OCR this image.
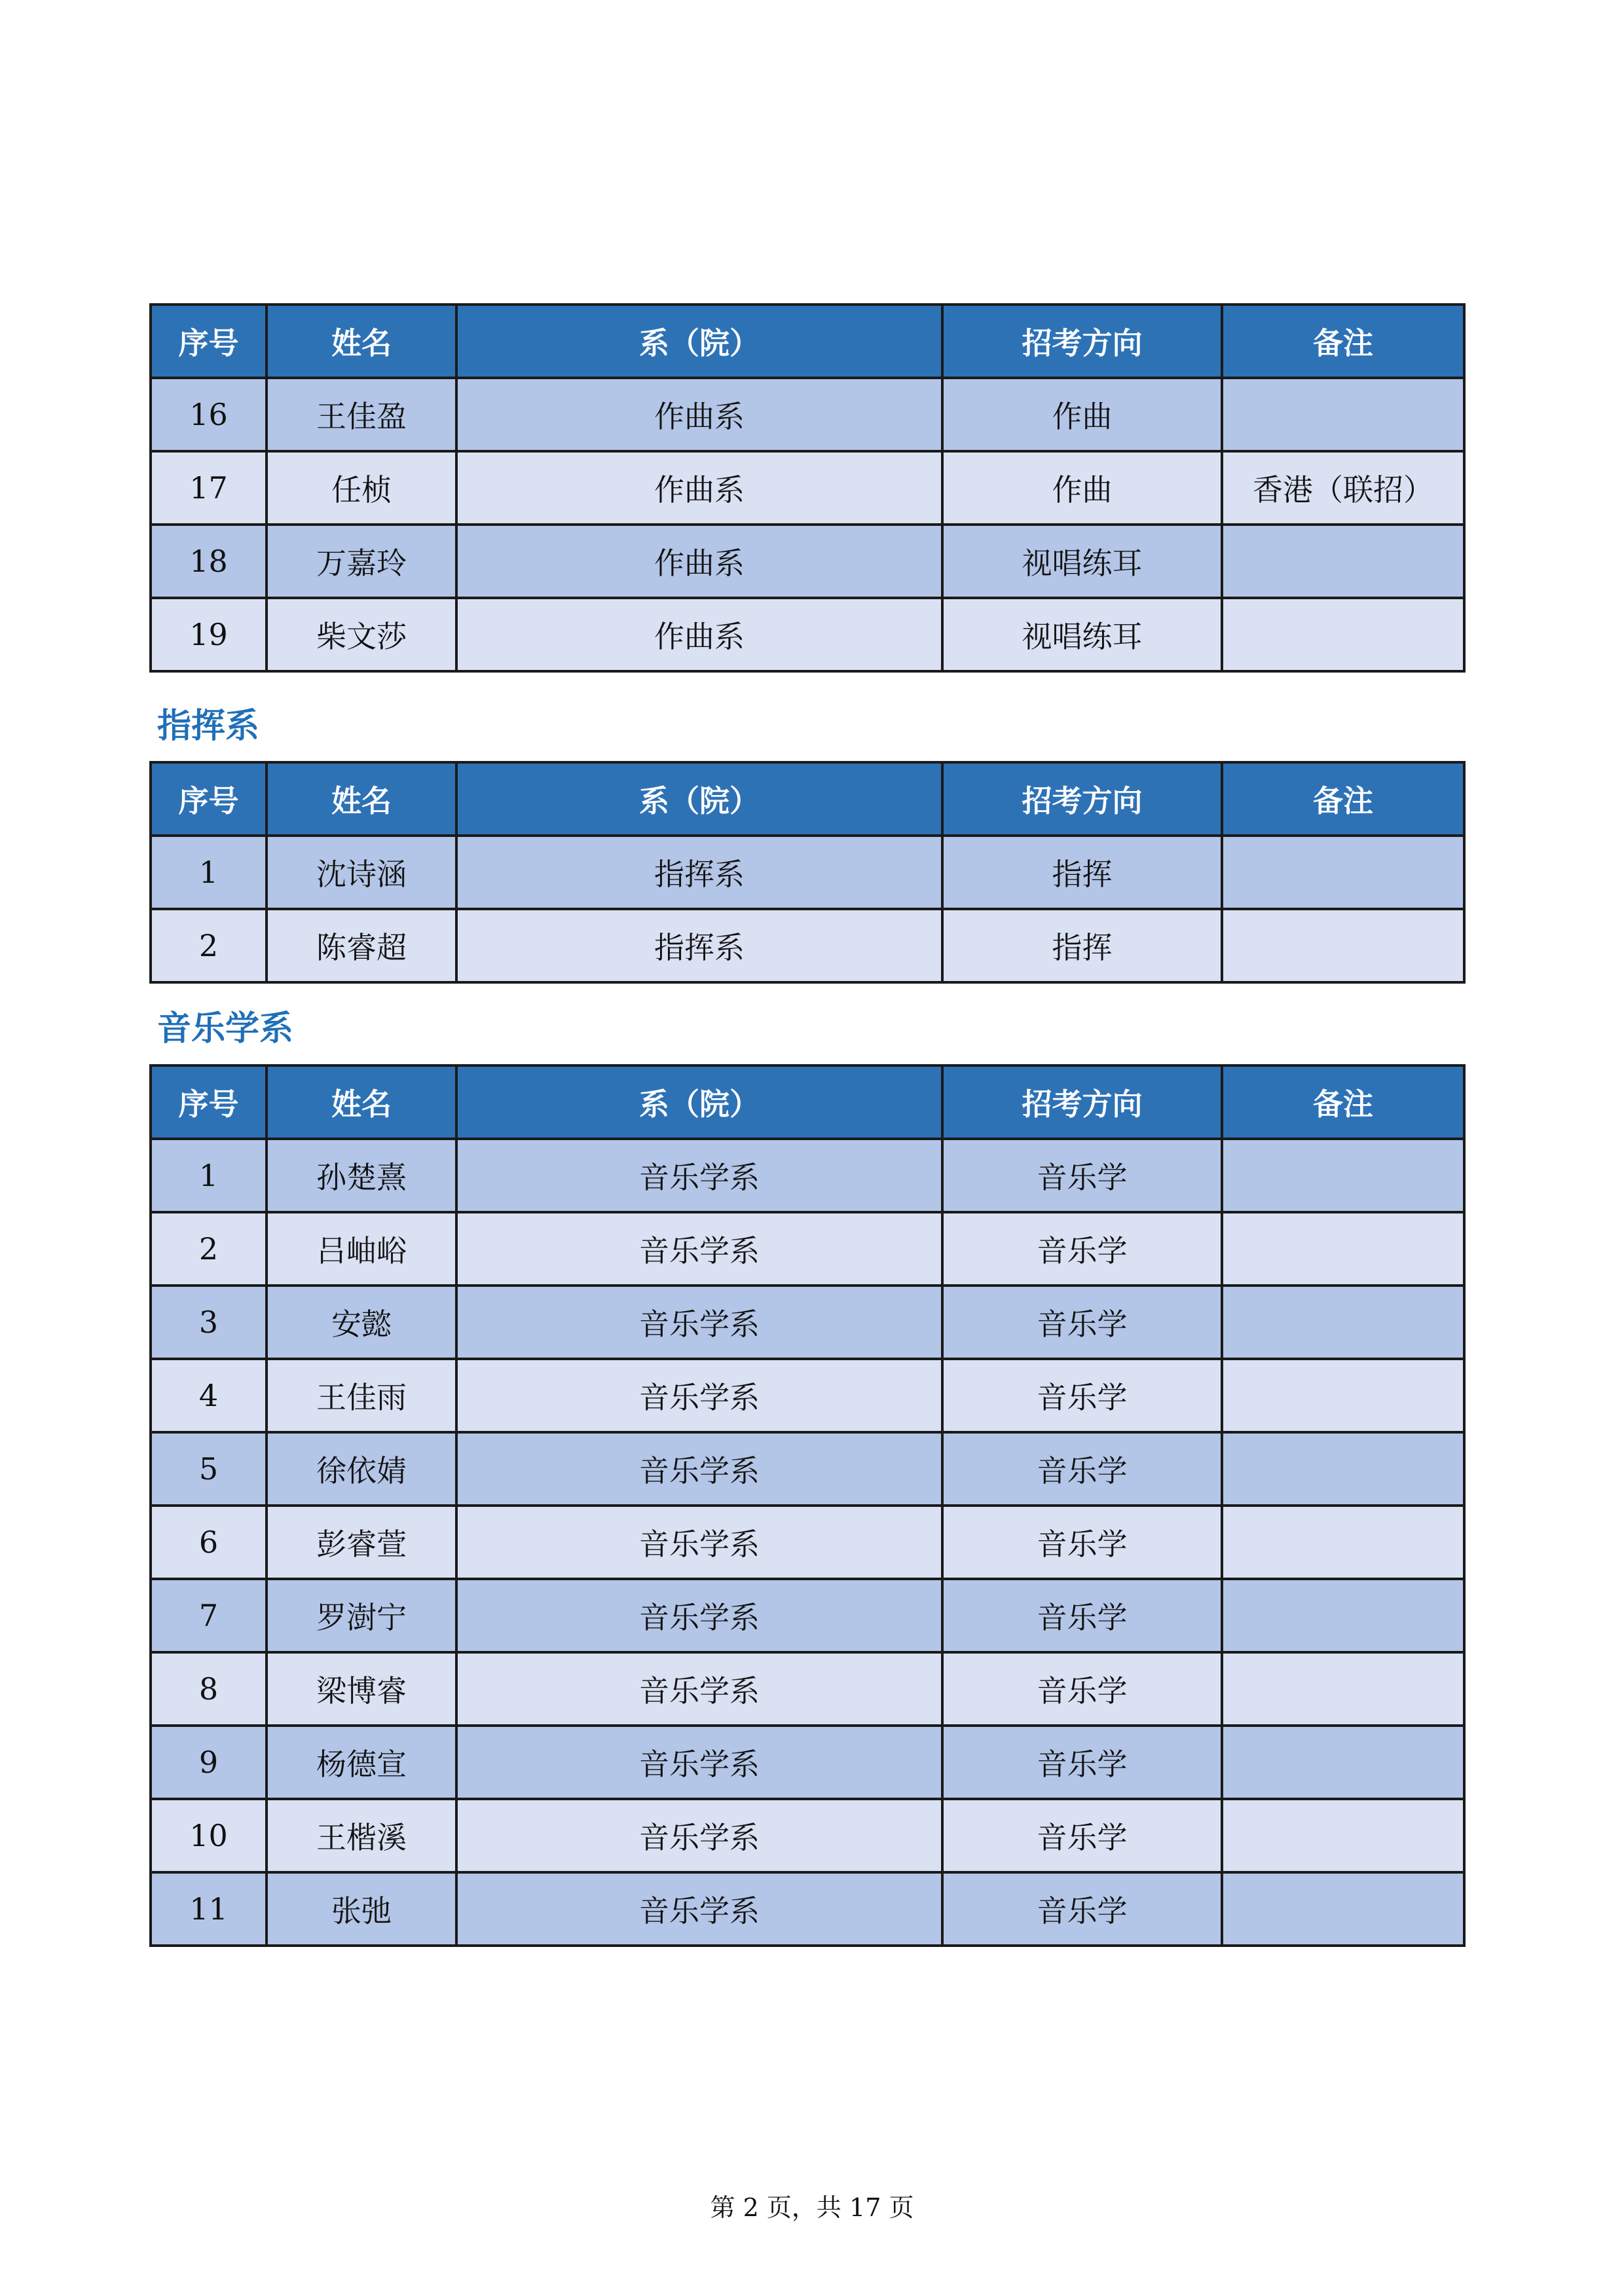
序号	姓名	系（院）	招考方向	备注
16	王佳盈	作曲系	作曲	
17	任桢	作曲系	作曲	香港（联招）
18	万嘉玲	作曲系	视唱练耳	
19	柴文莎	作曲系	视唱练耳	
指挥系
序号	姓名	系（院）	招考方向	备注
1	沈诗涵	指挥系	指挥	
2	陈睿超	指挥系	指挥	
音乐学系
序号	姓名	系（院）	招考方向	备注
1	孙楚熹	音乐学系	音乐学	
2	吕岫峪	音乐学系	音乐学	
3	安懿	音乐学系	音乐学	
4	王佳雨	音乐学系	音乐学	
5	徐依婧	音乐学系	音乐学	
6	彭睿萱	音乐学系	音乐学	
7	罗澍宁	音乐学系	音乐学	
8	梁博睿	音乐学系	音乐学	
9	杨德宣	音乐学系	音乐学	
10	王楷溪	音乐学系	音乐学	
11	张弛	音乐学系	音乐学	
第 2 页，共 17 页
